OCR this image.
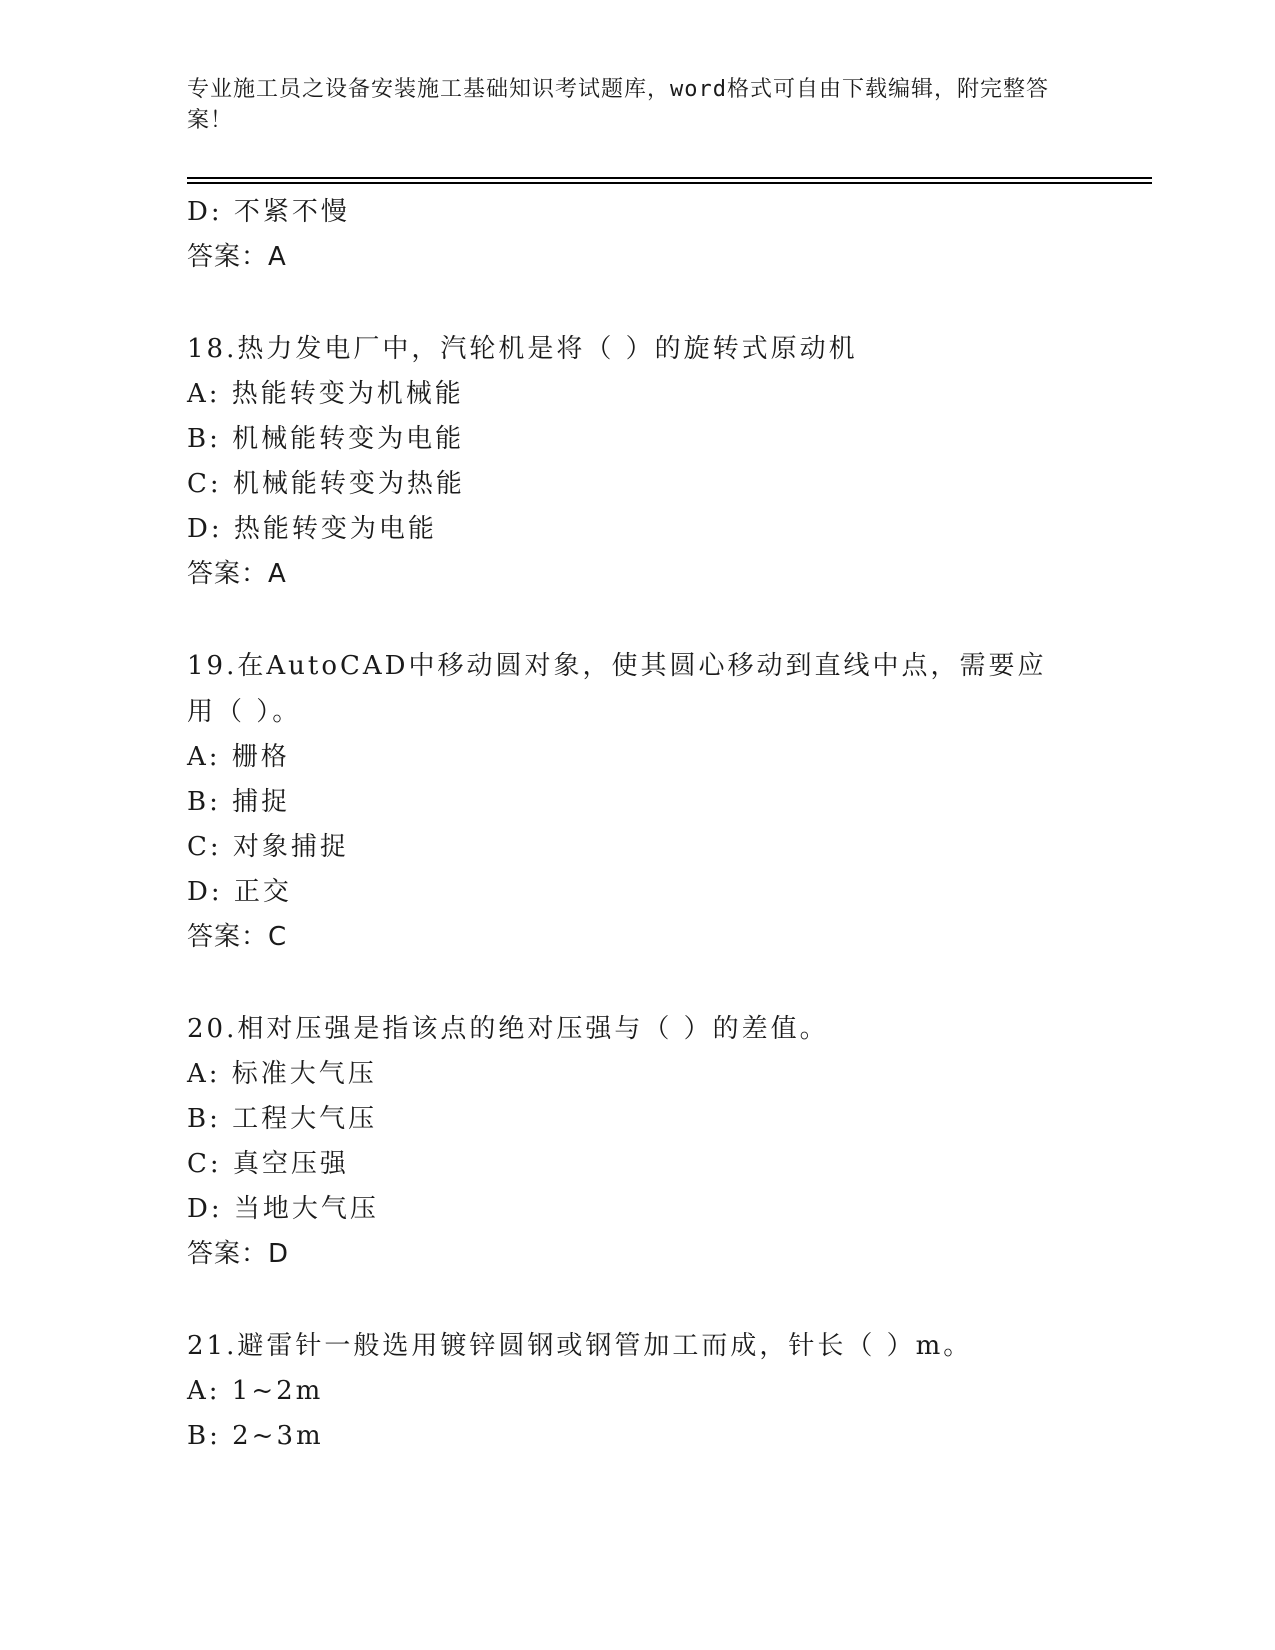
专业施工员之设备安装施工基础知识考试题库，word格式可自由下载编辑，附完整答案！
D: 不紧不慢
答案：A
18.热力发电厂中，汽轮机是将（ ）的旋转式原动机
A: 热能转变为机械能
B: 机械能转变为电能
C: 机械能转变为热能
D: 热能转变为电能
答案：A
19.在AutoCAD中移动圆对象，使其圆心移动到直线中点，需要应用（ ）。
A: 栅格
B: 捕捉
C: 对象捕捉
D: 正交
答案：C
20.相对压强是指该点的绝对压强与（ ）的差值。
A: 标准大气压
B: 工程大气压
C: 真空压强
D: 当地大气压
答案：D
21.避雷针一般选用镀锌圆钢或钢管加工而成，针长（ ）m。
A: 1~2m
B: 2~3m
